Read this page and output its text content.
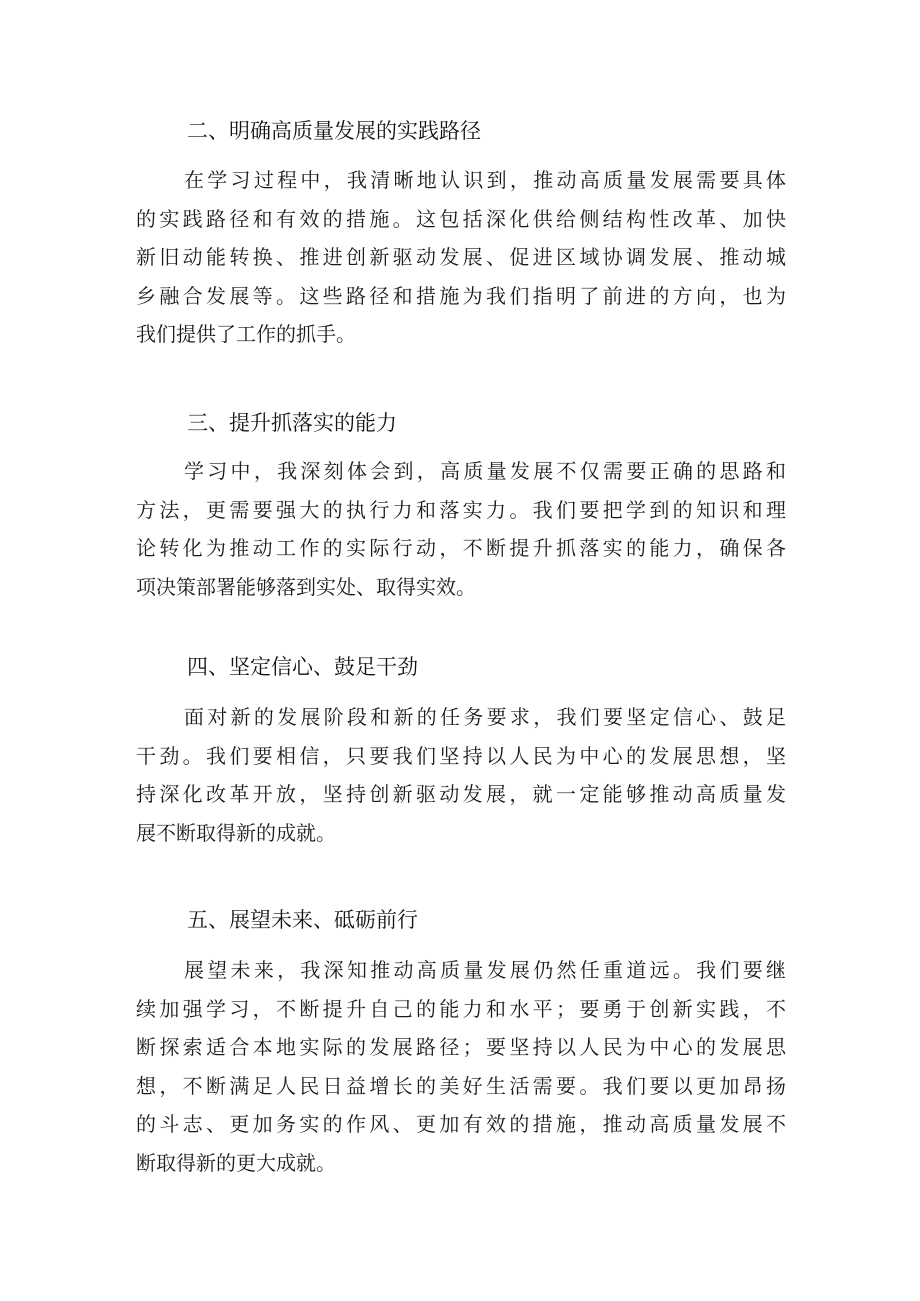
二、明确高质量发展的实践路径
在学习过程中，我清晰地认识到，推动高质量发展需要具体
的实践路径和有效的措施。这包括深化供给侧结构性改革、加快
新旧动能转换、推进创新驱动发展、促进区域协调发展、推动城
乡融合发展等。这些路径和措施为我们指明了前进的方向，也为
我们提供了工作的抓手。
三、提升抓落实的能力
学习中，我深刻体会到，高质量发展不仅需要正确的思路和
方法，更需要强大的执行力和落实力。我们要把学到的知识和理
论转化为推动工作的实际行动，不断提升抓落实的能力，确保各
项决策部署能够落到实处、取得实效。
四、坚定信心、鼓足干劲
面对新的发展阶段和新的任务要求，我们要坚定信心、鼓足
干劲。我们要相信，只要我们坚持以人民为中心的发展思想，坚
持深化改革开放，坚持创新驱动发展，就一定能够推动高质量发
展不断取得新的成就。
五、展望未来、砥砺前行
展望未来，我深知推动高质量发展仍然任重道远。我们要继
续加强学习，不断提升自己的能力和水平；要勇于创新实践，不
断探索适合本地实际的发展路径；要坚持以人民为中心的发展思
想，不断满足人民日益增长的美好生活需要。我们要以更加昂扬
的斗志、更加务实的作风、更加有效的措施，推动高质量发展不
断取得新的更大成就。
